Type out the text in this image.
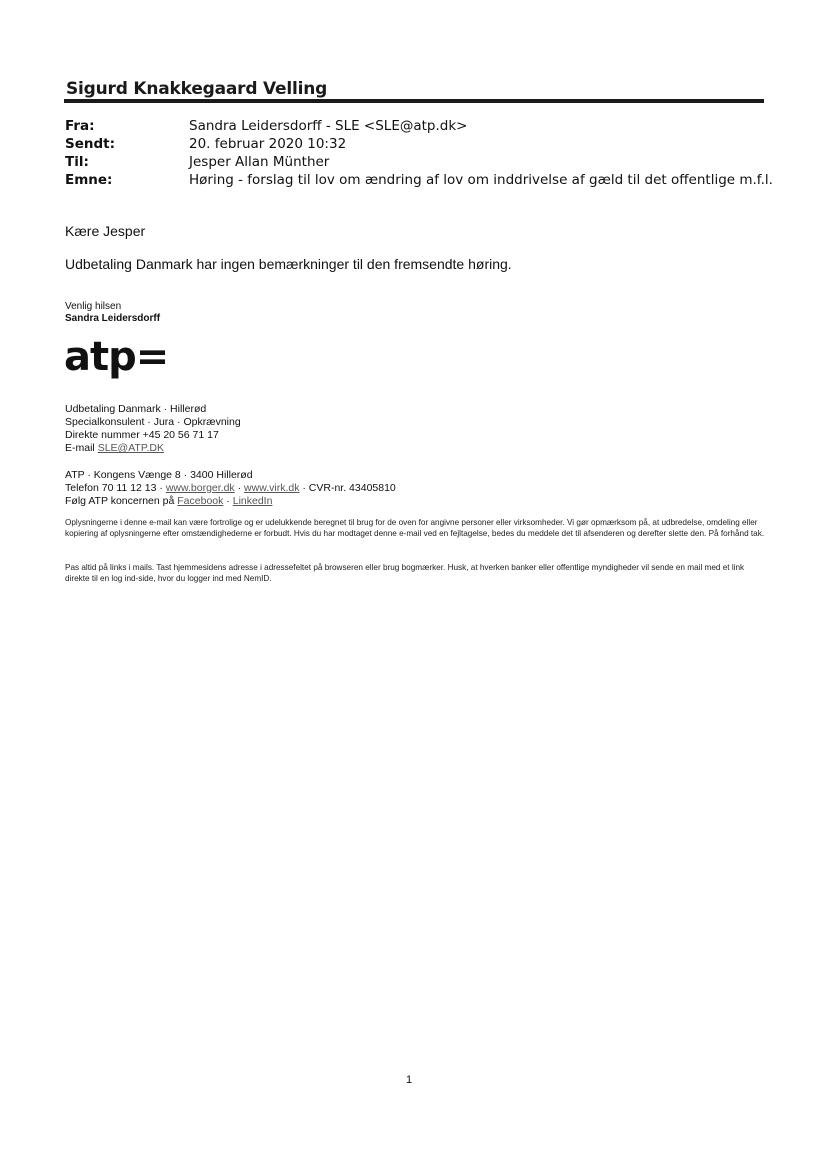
Sigurd Knakkegaard Velling
Fra:	Sandra Leidersdorff - SLE <SLE@atp.dk>
Sendt:	20. februar 2020 10:32
Til:	Jesper Allan Münther
Emne:	Høring - forslag til lov om ændring af lov om inddrivelse af gæld til det offentlige m.f.l.
Kære Jesper
Udbetaling Danmark har ingen bemærkninger til den fremsendte høring.
Venlig hilsen
Sandra Leidersdorff
atp=
Udbetaling Danmark · Hillerød
Specialkonsulent · Jura · Opkrævning
Direkte nummer +45 20 56 71 17
E-mail SLE@ATP.DK
ATP · Kongens Vænge 8 · 3400 Hillerød
Telefon 70 11 12 13 · www.borger.dk · www.virk.dk · CVR-nr. 43405810
Følg ATP koncernen på Facebook · LinkedIn
Oplysningerne i denne e-mail kan være fortrolige og er udelukkende beregnet til brug for de oven for angivne personer eller virksomheder. Vi gør opmærksom på, at udbredelse, omdeling eller kopiering af oplysningerne efter omstændighederne er forbudt. Hvis du har modtaget denne e-mail ved en fejltagelse, bedes du meddele det til afsenderen og derefter slette den. På forhånd tak.
Pas altid på links i mails. Tast hjemmesidens adresse i adressefeltet på browseren eller brug bogmærker. Husk, at hverken banker eller offentlige myndigheder vil sende en mail med et link direkte til en log ind-side, hvor du logger ind med NemID.
1
